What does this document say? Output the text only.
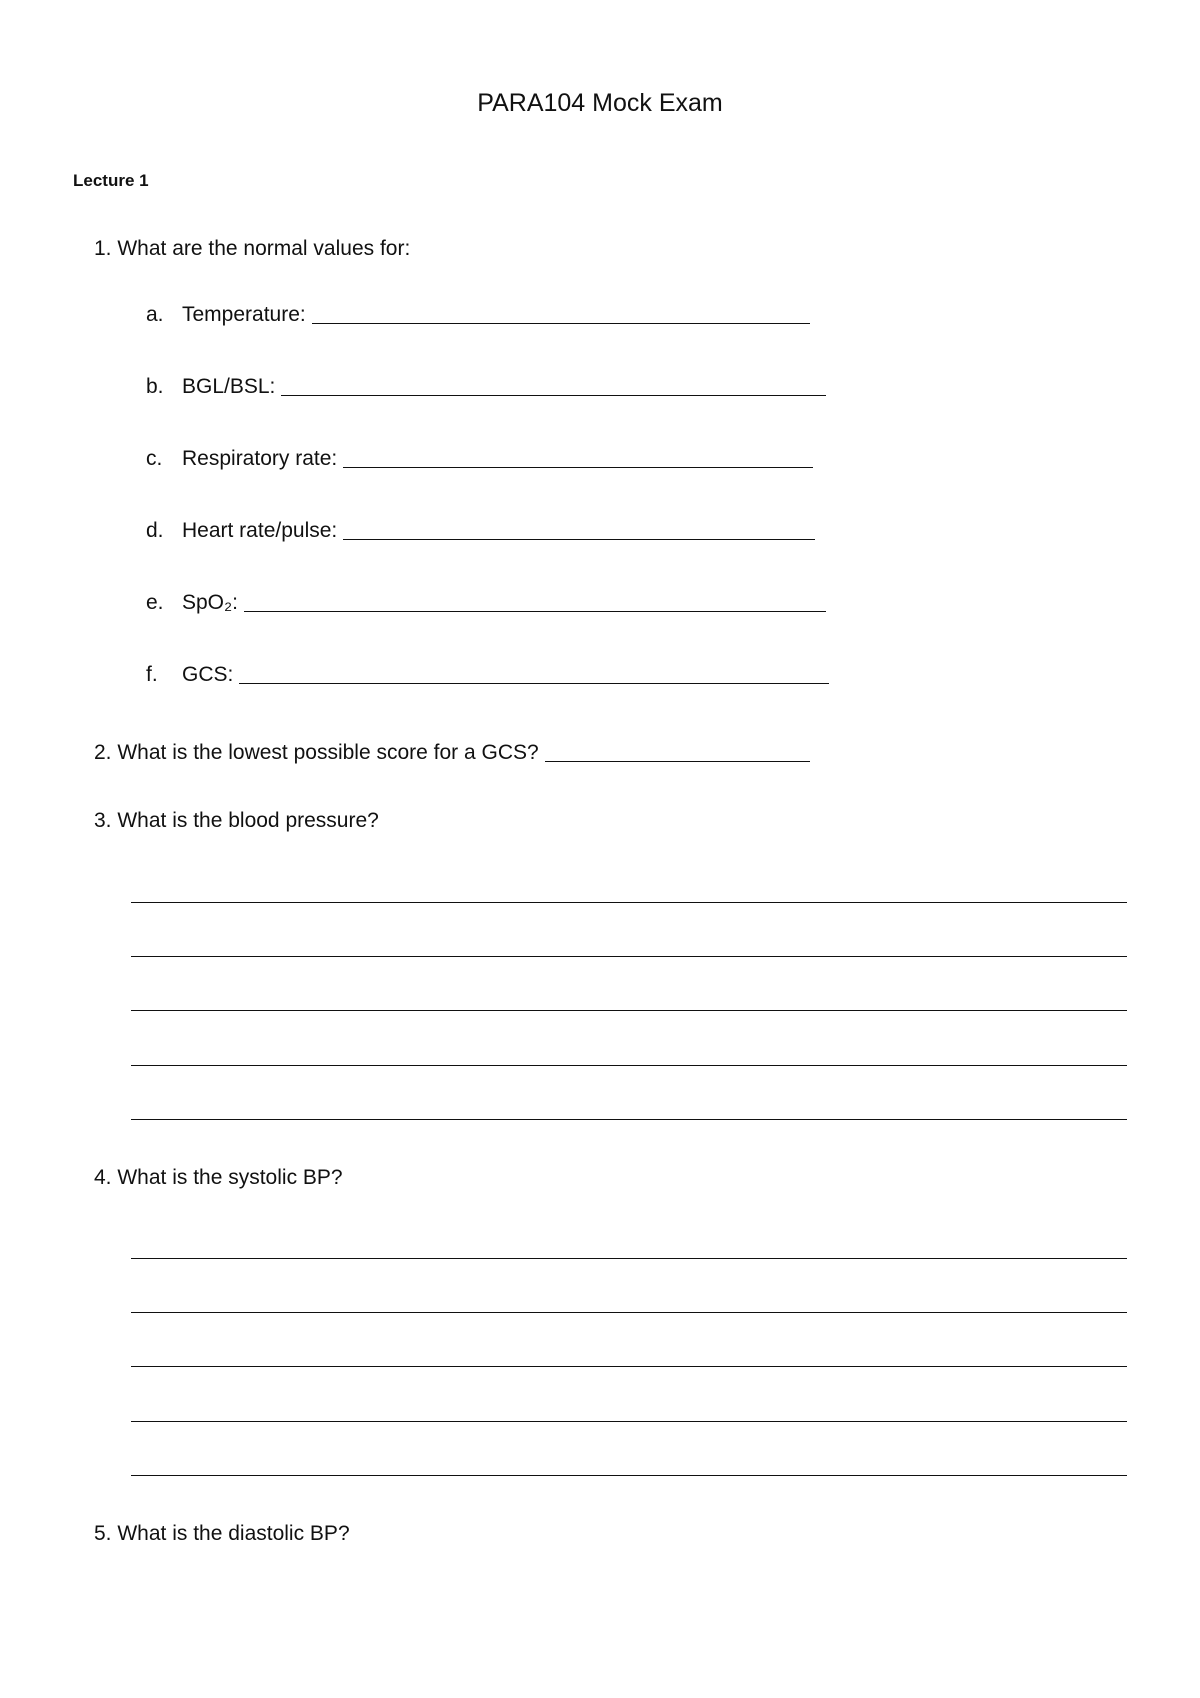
PARA104 Mock Exam
Lecture 1
1. What are the normal values for:
a. Temperature:
b. BGL/BSL:
c. Respiratory rate:
d. Heart rate/pulse:
e. SpO₂:
f.	GCS:
2. What is the lowest possible score for a GCS?
3. What is the blood pressure?
4. What is the systolic BP?
5. What is the diastolic BP?
